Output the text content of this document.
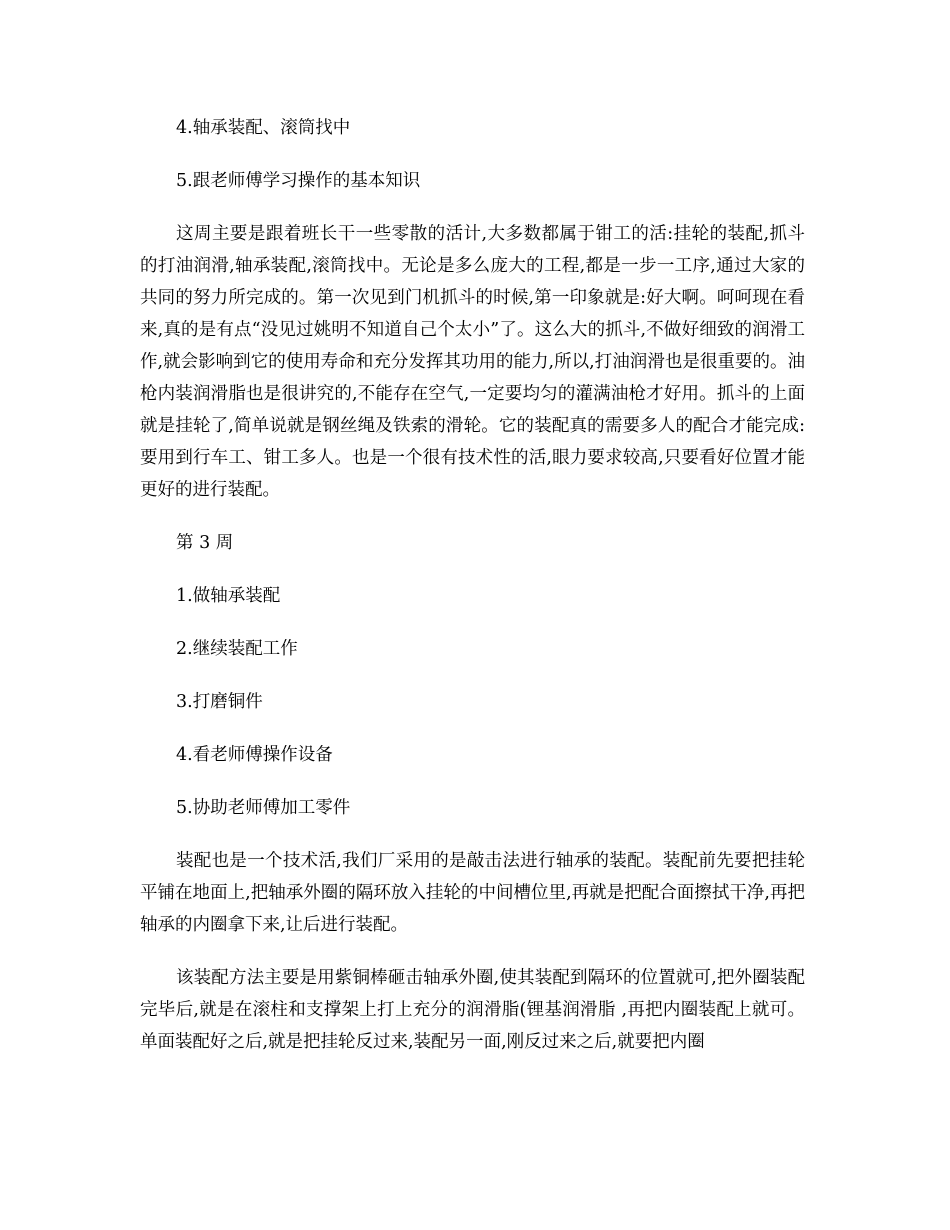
4.轴承装配、滚筒找中
5.跟老师傅学习操作的基本知识
这周主要是跟着班长干一些零散的活计,大多数都属于钳工的活:挂轮的装配,抓斗的打油润滑,轴承装配,滚筒找中。无论是多么庞大的工程,都是一步一工序,通过大家的共同的努力所完成的。第一次见到门机抓斗的时候,第一印象就是:好大啊。呵呵现在看来,真的是有点“没见过姚明不知道自己个太小”了。这么大的抓斗,不做好细致的润滑工作,就会影响到它的使用寿命和充分发挥其功用的能力,所以,打油润滑也是很重要的。油枪内装润滑脂也是很讲究的,不能存在空气,一定要均匀的灌满油枪才好用。抓斗的上面就是挂轮了,简单说就是钢丝绳及铁索的滑轮。它的装配真的需要多人的配合才能完成:要用到行车工、钳工多人。也是一个很有技术性的活,眼力要求较高,只要看好位置才能更好的进行装配。
第 3 周
1.做轴承装配
2.继续装配工作
3.打磨铜件
4.看老师傅操作设备
5.协助老师傅加工零件
装配也是一个技术活,我们厂采用的是敲击法进行轴承的装配。装配前先要把挂轮平铺在地面上,把轴承外圈的隔环放入挂轮的中间槽位里,再就是把配合面擦拭干净,再把轴承的内圈拿下来,让后进行装配。
该装配方法主要是用紫铜棒砸击轴承外圈,使其装配到隔环的位置就可,把外圈装配完毕后,就是在滚柱和支撑架上打上充分的润滑脂(锂基润滑脂 ,再把内圈装配上就可。单面装配好之后,就是把挂轮反过来,装配另一面,刚反过来之后,就要把内圈
